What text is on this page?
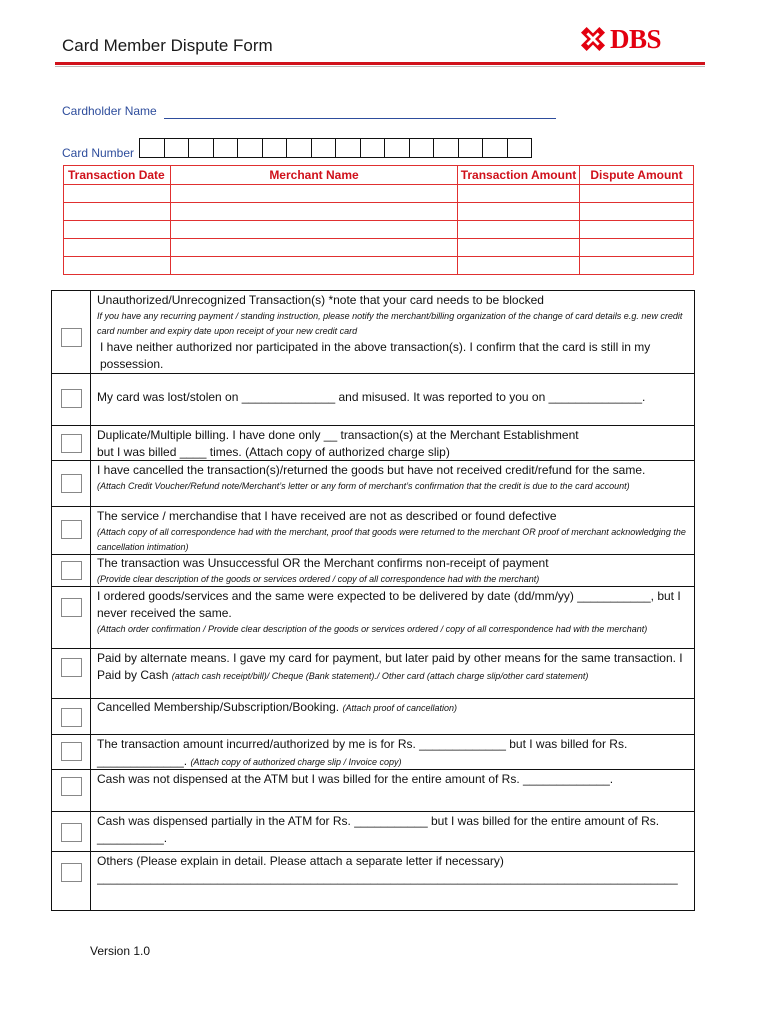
Card Member Dispute Form	DBS
Cardholder Name
Card Number
Transaction Date	Merchant Name	Transaction Amount	Dispute Amount

Unauthorized/Unrecognized Transaction(s) *note that your card needs to be blocked
If you have any recurring payment / standing instruction, please notify the merchant/billing organization of the change of card details e.g. new credit card number and expiry date upon receipt of your new credit card
I have neither authorized nor participated in the above transaction(s). I confirm that the card is still in my possession.
My card was lost/stolen on ______________ and misused. It was reported to you on ______________.
Duplicate/Multiple billing. I have done only __ transaction(s) at the Merchant Establishment
but I was billed ____ times. (Attach copy of authorized charge slip)
I have cancelled the transaction(s)/returned the goods but have not received credit/refund for the same.
(Attach Credit Voucher/Refund note/Merchant’s letter or any form of merchant’s confirmation that the credit is due to the card account)
The service / merchandise that I have received are not as described or found defective
(Attach copy of all correspondence had with the merchant, proof that goods were returned to the merchant OR proof of merchant acknowledging the cancellation intimation)
The transaction was Unsuccessful OR the Merchant confirms non-receipt of payment
(Provide clear description of the goods or services ordered / copy of all correspondence had with the merchant)
I ordered goods/services and the same were expected to be delivered by date (dd/mm/yy) ___________, but I never received the same.
(Attach order confirmation / Provide clear description of the goods or services ordered / copy of all correspondence had with the merchant)
Paid by alternate means. I gave my card for payment, but later paid by other means for the same transaction. I Paid by Cash (attach cash receipt/bill)/ Cheque (Bank statement)./ Other card (attach charge slip/other card statement)
Cancelled Membership/Subscription/Booking. (Attach proof of cancellation)
The transaction amount incurred/authorized by me is for Rs. _____________ but I was billed for Rs. _____________. (Attach copy of authorized charge slip / Invoice copy)
Cash was not dispensed at the ATM but I was billed for the entire amount of Rs. _____________.
Cash was dispensed partially in the ATM for Rs. ___________ but I was billed for the entire amount of Rs. __________.
Others (Please explain in detail. Please attach a separate letter if necessary)
_______________________________________________________________________________________
Version 1.0
